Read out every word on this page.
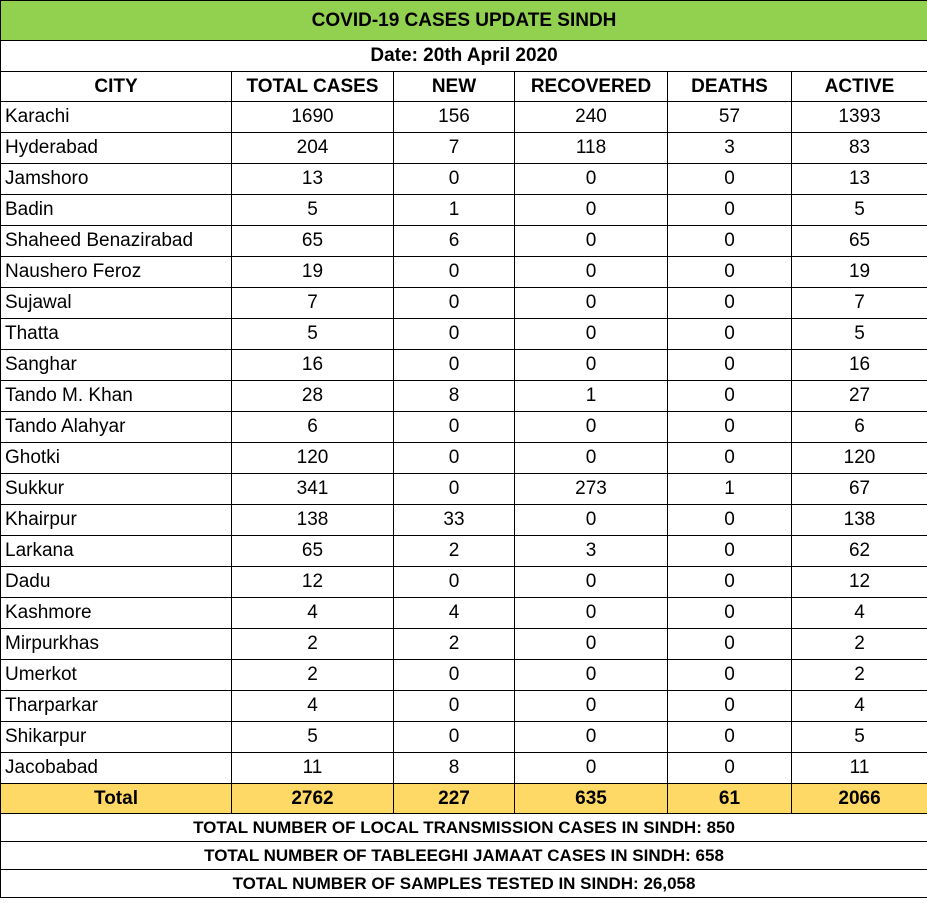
COVID-19 CASES UPDATE SINDH					
Date: 20th April 2020					
CITY	TOTAL CASES	NEW	RECOVERED	DEATHS	ACTIVE
Karachi	1690	156	240	57	1393
Hyderabad	204	7	118	3	83
Jamshoro	13	0	0	0	13
Badin	5	1	0	0	5
Shaheed Benazirabad	65	6	0	0	65
Naushero Feroz	19	0	0	0	19
Sujawal	7	0	0	0	7
Thatta	5	0	0	0	5
Sanghar	16	0	0	0	16
Tando M. Khan	28	8	1	0	27
Tando Alahyar	6	0	0	0	6
Ghotki	120	0	0	0	120
Sukkur	341	0	273	1	67
Khairpur	138	33	0	0	138
Larkana	65	2	3	0	62
Dadu	12	0	0	0	12
Kashmore	4	4	0	0	4
Mirpurkhas	2	2	0	0	2
Umerkot	2	0	0	0	2
Tharparkar	4	0	0	0	4
Shikarpur	5	0	0	0	5
Jacobabad	11	8	0	0	11
Total	2762	227	635	61	2066
TOTAL NUMBER OF LOCAL TRANSMISSION CASES IN SINDH: 850					
TOTAL NUMBER OF TABLEEGHI JAMAAT CASES IN SINDH: 658					
TOTAL NUMBER OF SAMPLES TESTED IN SINDH: 26,058					
